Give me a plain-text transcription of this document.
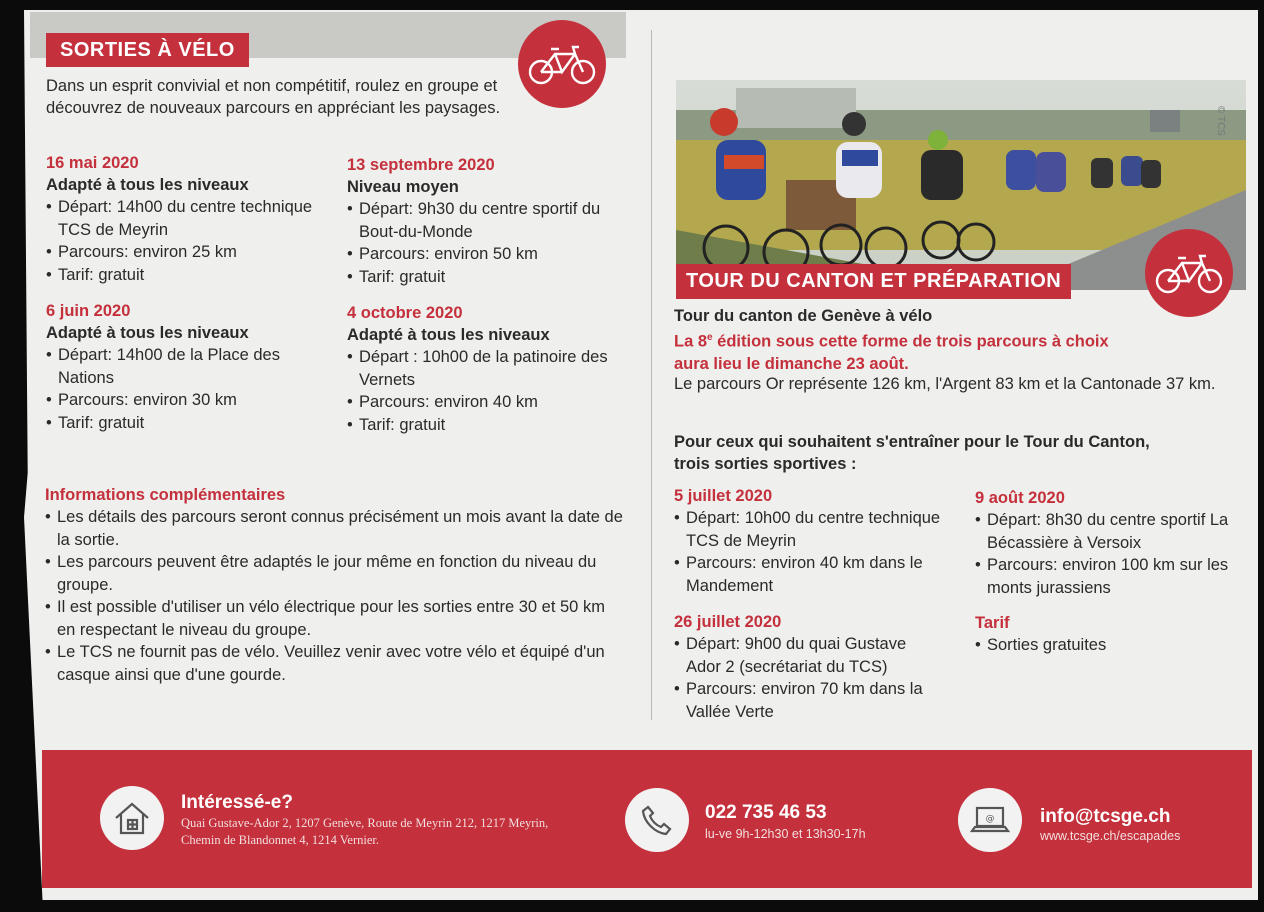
SORTIES À VÉLO

Dans un esprit convivial et non compétitif, roulez en groupe et découvrez de nouveaux parcours en appréciant les paysages.

16 mai 2020
Adapté à tous les niveaux
• Départ: 14h00 du centre technique TCS de Meyrin
• Parcours: environ 25 km
• Tarif: gratuit
13 septembre 2020
Niveau moyen
• Départ: 9h30 du centre sportif du Bout-du-Monde
• Parcours: environ 50 km
• Tarif: gratuit
6 juin 2020
Adapté à tous les niveaux
• Départ: 14h00 de la Place des Nations
• Parcours: environ 30 km
• Tarif: gratuit
4 octobre 2020
Adapté à tous les niveaux
• Départ : 10h00 de la patinoire des Vernets
• Parcours: environ 40 km
• Tarif: gratuit
Informations complémentaires
• Les détails des parcours seront connus précisément un mois avant la date de la sortie.
• Les parcours peuvent être adaptés le jour même en fonction du niveau du groupe.
• Il est possible d'utiliser un vélo électrique pour les sorties entre 30 et 50 km en respectant le niveau du groupe.
• Le TCS ne fournit pas de vélo. Veuillez venir avec votre vélo et équipé d'un casque ainsi que d'une gourde.
© TCS
TOUR DU CANTON ET PRÉPARATION
Tour du canton de Genève à vélo
La 8e édition sous cette forme de trois parcours à choix aura lieu le dimanche 23 août.

Le parcours Or représente 126 km, l'Argent 83 km et la Cantonade 37 km.

Pour ceux qui souhaitent s'entraîner pour le Tour du Canton, trois sorties sportives :

5 juillet 2020
• Départ: 10h00 du centre technique TCS de Meyrin
• Parcours: environ 40 km dans le Mandement
9 août 2020
• Départ: 8h30 du centre sportif La Bécassière à Versoix
• Parcours: environ 100 km sur les monts jurassiens
26 juillet 2020
• Départ: 9h00 du quai Gustave Ador 2 (secrétariat du TCS)
• Parcours: environ 70 km dans la Vallée Verte
Tarif
• Sorties gratuites
Intéressé-e?
Quai Gustave-Ador 2, 1207 Genève, Route de Meyrin 212, 1217 Meyrin, Chemin de Blandonnet 4, 1214 Vernier.
022 735 46 53
lu-ve 9h-12h30 et 13h30-17h
@ info@tcsge.ch
www.tcsge.ch/escapades
